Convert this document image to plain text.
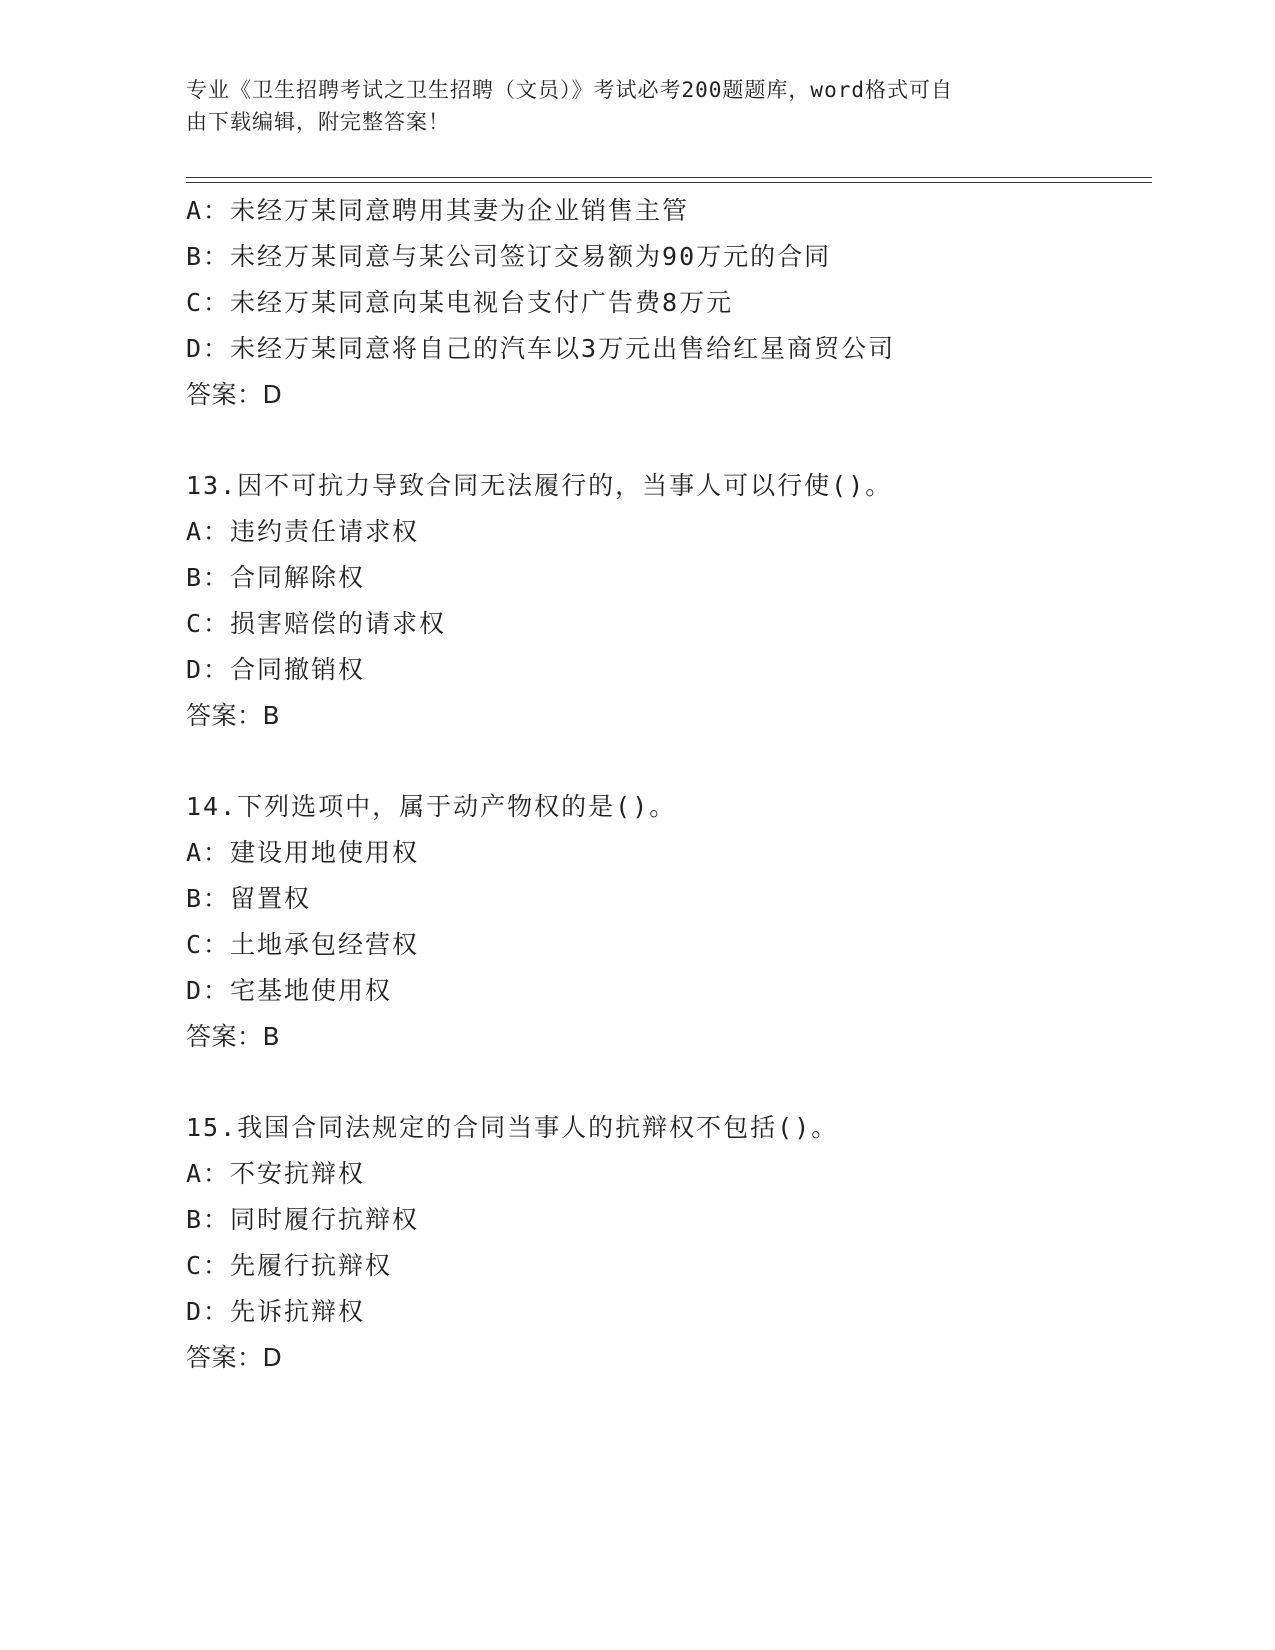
专业《卫生招聘考试之卫生招聘（文员）》考试必考200题题库，word格式可自
由下载编辑，附完整答案！
A：未经万某同意聘用其妻为企业销售主管
B：未经万某同意与某公司签订交易额为90万元的合同
C：未经万某同意向某电视台支付广告费8万元
D：未经万某同意将自己的汽车以3万元出售给红星商贸公司
答案：D
13.因不可抗力导致合同无法履行的，当事人可以行使()。
A：违约责任请求权
B：合同解除权
C：损害赔偿的请求权
D：合同撤销权
答案：B
14.下列选项中，属于动产物权的是()。
A：建设用地使用权
B：留置权
C：土地承包经营权
D：宅基地使用权
答案：B
15.我国合同法规定的合同当事人的抗辩权不包括()。
A：不安抗辩权
B：同时履行抗辩权
C：先履行抗辩权
D：先诉抗辩权
答案：D
